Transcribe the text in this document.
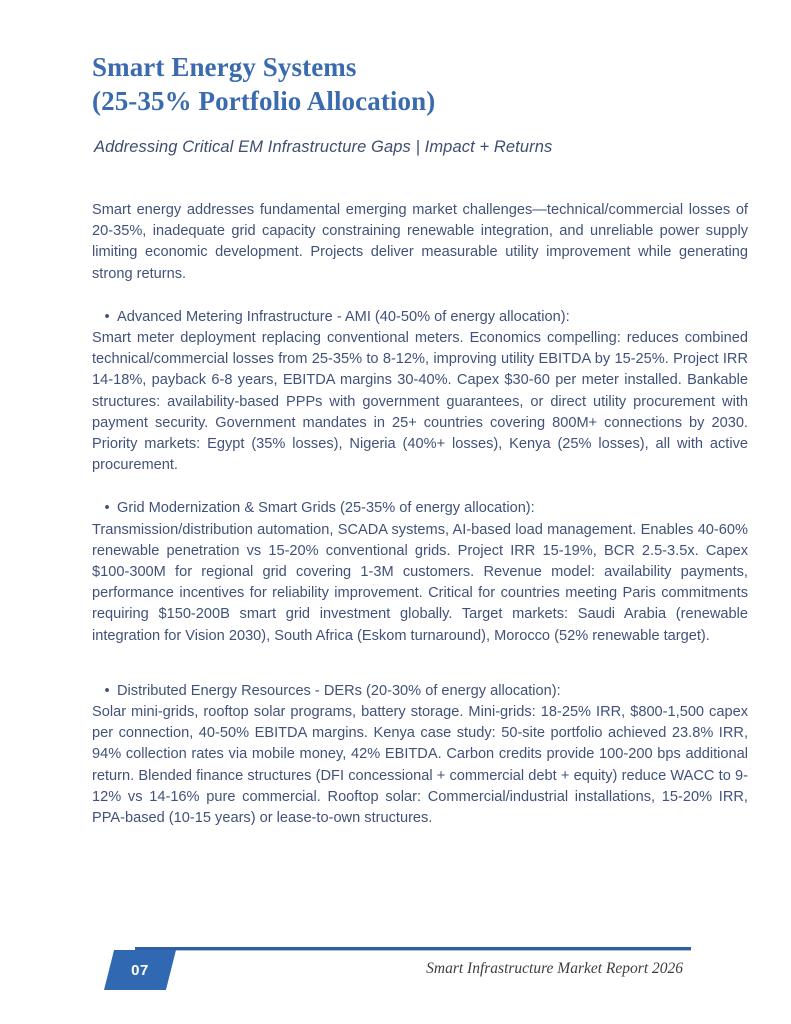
Smart Energy Systems
(25-35% Portfolio Allocation)
Addressing Critical EM Infrastructure Gaps | Impact + Returns

Smart energy addresses fundamental emerging market challenges—technical/commercial losses of 20-35%, inadequate grid capacity constraining renewable integration, and unreliable power supply limiting economic development. Projects deliver measurable utility improvement while generating strong returns.

• Advanced Metering Infrastructure - AMI (40-50% of energy allocation):

Smart meter deployment replacing conventional meters. Economics compelling: reduces combined technical/commercial losses from 25-35% to 8-12%, improving utility EBITDA by 15-25%. Project IRR 14-18%, payback 6-8 years, EBITDA margins 30-40%. Capex $30-60 per meter installed. Bankable structures: availability-based PPPs with government guarantees, or direct utility procurement with payment security. Government mandates in 25+ countries covering 800M+ connections by 2030. Priority markets: Egypt (35% losses), Nigeria (40%+ losses), Kenya (25% losses), all with active procurement.

• Grid Modernization & Smart Grids (25-35% of energy allocation):

Transmission/distribution automation, SCADA systems, AI-based load management. Enables 40-60% renewable penetration vs 15-20% conventional grids. Project IRR 15-19%, BCR 2.5-3.5x. Capex $100-300M for regional grid covering 1-3M customers. Revenue model: availability payments, performance incentives for reliability improvement. Critical for countries meeting Paris commitments requiring $150-200B smart grid investment globally. Target markets: Saudi Arabia (renewable integration for Vision 2030), South Africa (Eskom turnaround), Morocco (52% renewable target).

• Distributed Energy Resources - DERs (20-30% of energy allocation):

Solar mini-grids, rooftop solar programs, battery storage. Mini-grids: 18-25% IRR, $800-1,500 capex per connection, 40-50% EBITDA margins. Kenya case study: 50-site portfolio achieved 23.8% IRR, 94% collection rates via mobile money, 42% EBITDA. Carbon credits provide 100-200 bps additional return. Blended finance structures (DFI concessional + commercial debt + equity) reduce WACC to 9-12% vs 14-16% pure commercial. Rooftop solar: Commercial/industrial installations, 15-20% IRR, PPA-based (10-15 years) or lease-to-own structures.

07	Smart Infrastructure Market Report 2026
